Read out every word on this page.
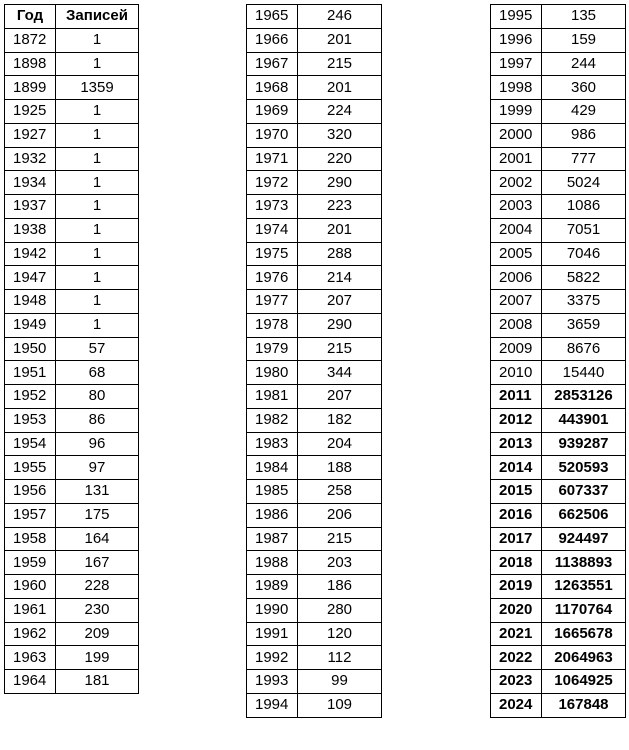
Год	Записей
1872	1
1898	1
1899	1359
1925	1
1927	1
1932	1
1934	1
1937	1
1938	1
1942	1
1947	1
1948	1
1949	1
1950	57
1951	68
1952	80
1953	86
1954	96
1955	97
1956	131
1957	175
1958	164
1959	167
1960	228
1961	230
1962	209
1963	199
1964	181
1965	246
1966	201
1967	215
1968	201
1969	224
1970	320
1971	220
1972	290
1973	223
1974	201
1975	288
1976	214
1977	207
1978	290
1979	215
1980	344
1981	207
1982	182
1983	204
1984	188
1985	258
1986	206
1987	215
1988	203
1989	186
1990	280
1991	120
1992	112
1993	99
1994	109
1995	135
1996	159
1997	244
1998	360
1999	429
2000	986
2001	777
2002	5024
2003	1086
2004	7051
2005	7046
2006	5822
2007	3375
2008	3659
2009	8676
2010	15440
2011	2853126
2012	443901
2013	939287
2014	520593
2015	607337
2016	662506
2017	924497
2018	1138893
2019	1263551
2020	1170764
2021	1665678
2022	2064963
2023	1064925
2024	167848
